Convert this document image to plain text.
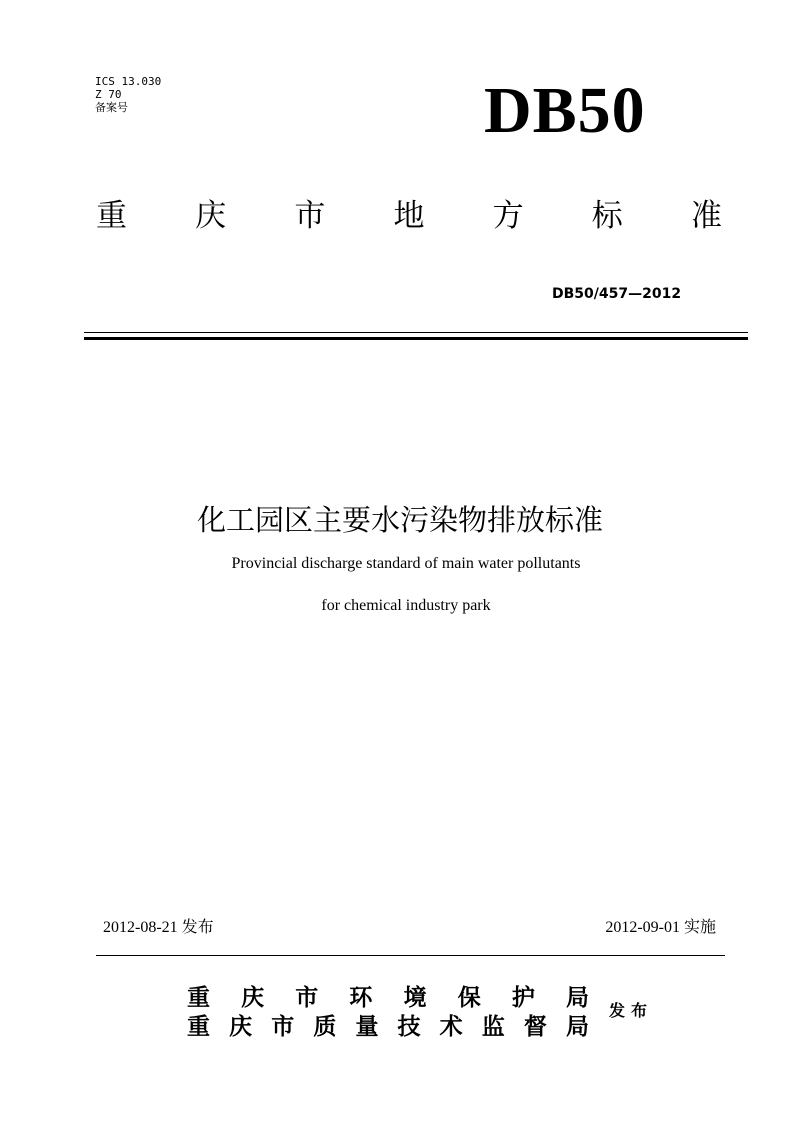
ICS 13.030
Z 70
备案号	DB50
重 庆 市 地 方 标 准
DB50/457—2012
化工园区主要水污染物排放标准
Provincial discharge standard of main water pollutants
for chemical industry park
2012-08-21 发布	2012-09-01 实施
重 庆 市 环 境 保 护 局
重 庆 市 质 量 技 术 监 督 局
发布
